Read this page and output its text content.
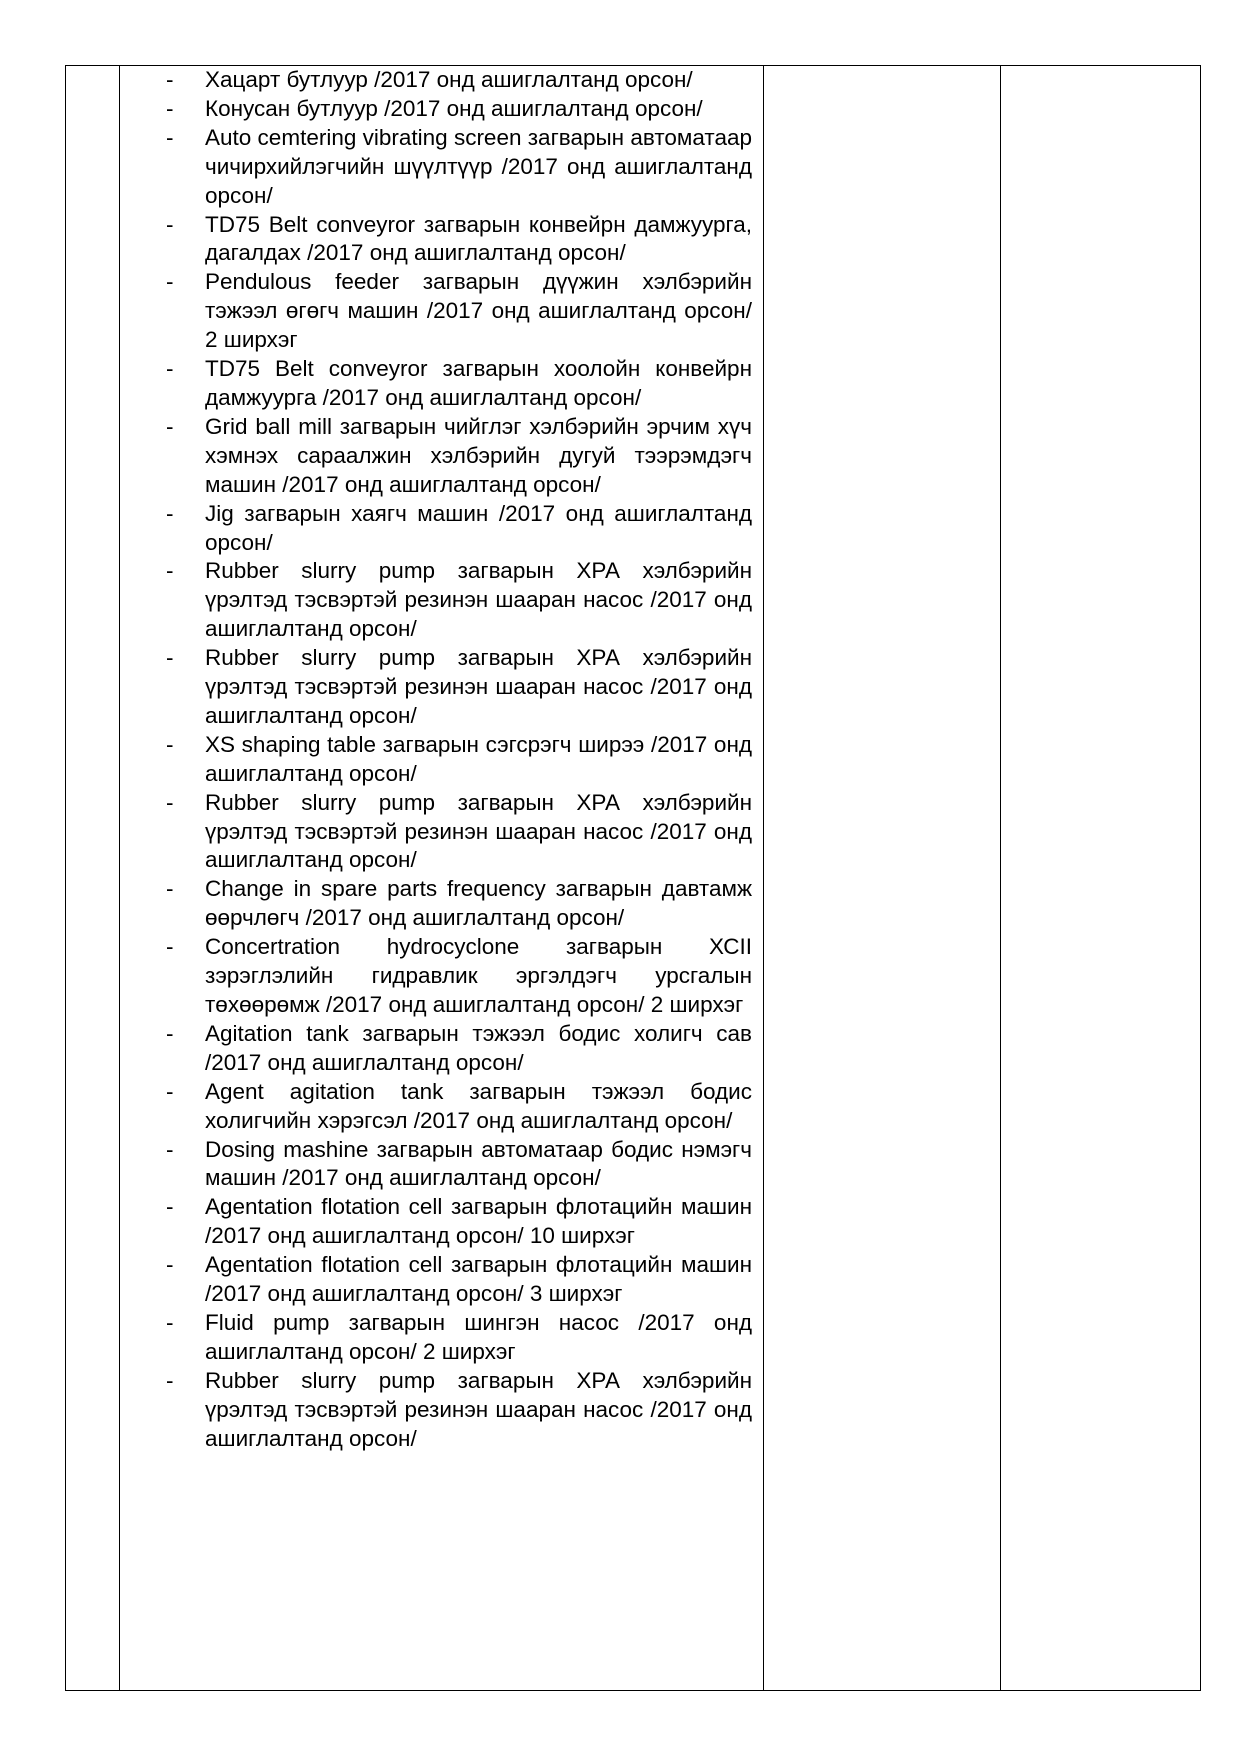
- Хацарт бутлуур /2017 онд ашиглалтанд орсон/
- Конусан бутлуур /2017 онд ашиглалтанд орсон/
- Auto cemtering vibrating screen загварын автоматаар чичирхийлэгчийн шүүлтүүр /2017 онд ашиглалтанд орсон/
- TD75 Belt conveyror загварын конвейрн дамжуурга, дагалдах /2017 онд ашиглалтанд орсон/
- Pendulous feeder загварын дүүжин хэлбэрийн тэжээл өгөгч машин /2017 онд ашиглалтанд орсон/ 2 ширхэг
- TD75 Belt conveyror загварын хоолойн конвейрн дамжуурга /2017 онд ашиглалтанд орсон/
- Grid ball mill загварын чийглэг хэлбэрийн эрчим хүч хэмнэх сараалжин хэлбэрийн дугуй тээрэмдэгч машин /2017 онд ашиглалтанд орсон/
- Jig загварын хаягч машин /2017 онд ашиглалтанд орсон/
- Rubber slurry pump загварын ХРА хэлбэрийн үрэлтэд тэсвэртэй резинэн шааран насос /2017 онд ашиглалтанд орсон/
- Rubber slurry pump загварын ХРА хэлбэрийн үрэлтэд тэсвэртэй резинэн шааран насос /2017 онд ашиглалтанд орсон/
- XS shaping table загварын сэгсрэгч ширээ /2017 онд ашиглалтанд орсон/
- Rubber slurry pump загварын ХРА хэлбэрийн үрэлтэд тэсвэртэй резинэн шааран насос /2017 онд ашиглалтанд орсон/
- Change in spare parts frequency загварын давтамж өөрчлөгч /2017 онд ашиглалтанд орсон/
- Concertration hydrocyclone загварын ХСII зэрэглэлийн гидравлик эргэлдэгч урсгалын төхөөрөмж /2017 онд ашиглалтанд орсон/ 2 ширхэг
- Agitation tank загварын тэжээл бодис холигч сав /2017 онд ашиглалтанд орсон/
- Agent agitation tank загварын тэжээл бодис холигчийн хэрэгсэл /2017 онд ашиглалтанд орсон/
- Dosing mashine загварын автоматаар бодис нэмэгч машин /2017 онд ашиглалтанд орсон/
- Agentation flotation cell загварын флотацийн машин /2017 онд ашиглалтанд орсон/ 10 ширхэг
- Agentation flotation cell загварын флотацийн машин /2017 онд ашиглалтанд орсон/ 3 ширхэг
- Fluid pump загварын шингэн насос /2017 онд ашиглалтанд орсон/ 2 ширхэг
- Rubber slurry pump загварын ХРА хэлбэрийн үрэлтэд тэсвэртэй резинэн шааран насос /2017 онд ашиглалтанд орсон/
